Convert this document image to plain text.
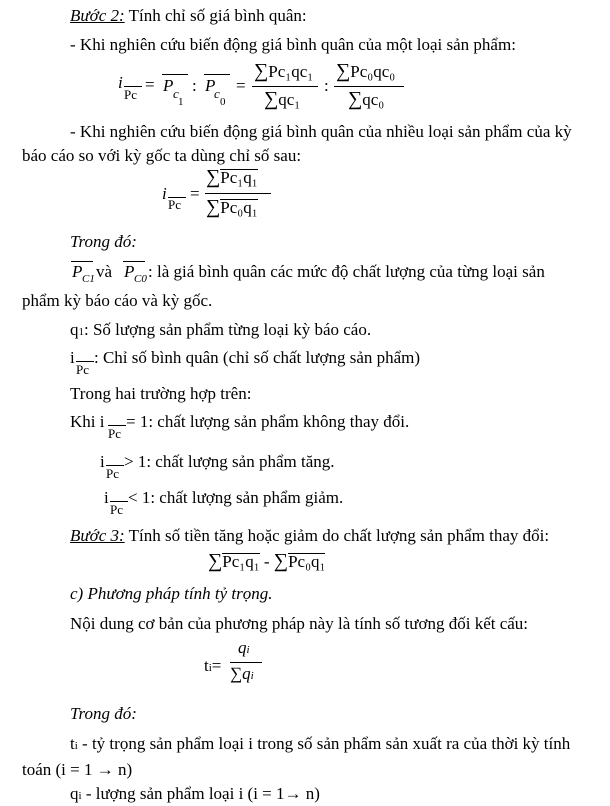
Bước 2: Tính chỉ số giá bình quân:
- Khi nghiên cứu biến động giá bình quân của một loại sản phẩm:
i
Pc
= P c
1
: P
c
0
=
∑Pc₁qc₁
∑qc₁
:
∑Pc₀qc₀
∑qc₀
- Khi nghiên cứu biến động giá bình quân của nhiều loại sản phẩm của kỳ
báo cáo so với kỳ gốc ta dùng chỉ số sau:
i
Pc
=
∑Pc₁q₁
∑Pc₀q₁
Trong đó:
P C1 và P C0 : là giá bình quân các mức độ chất lượng của từng loại sản
phẩm kỳ báo cáo và kỳ gốc.
q1: Số lượng sản phẩm từng loại kỳ báo cáo.
i
Pc
: Chỉ số bình quân (chỉ số chất lượng sản phẩm)
Trong hai trường hợp trên:
Khi i
Pc
= 1: chất lượng sản phẩm không thay đổi.
i
Pc
> 1: chất lượng sản phẩm tăng.
i
Pc
< 1: chất lượng sản phẩm giảm.
Bước 3: Tính số tiền tăng hoặc giảm do chất lượng sản phẩm thay đổi:
∑Pc₁q₁ - ∑Pc₀q₁
c) Phương pháp tính tỷ trọng.
Nội dung cơ bản của phương pháp này là tính số tương đối kết cấu:
ti=
qi
∑qi
Trong đó:
ti - tỷ trọng sản phẩm loại i trong số sản phẩm sản xuất ra của thời kỳ tính
toán (i = 1 → n)
qi - lượng sản phẩm loại i (i = 1→ n)
